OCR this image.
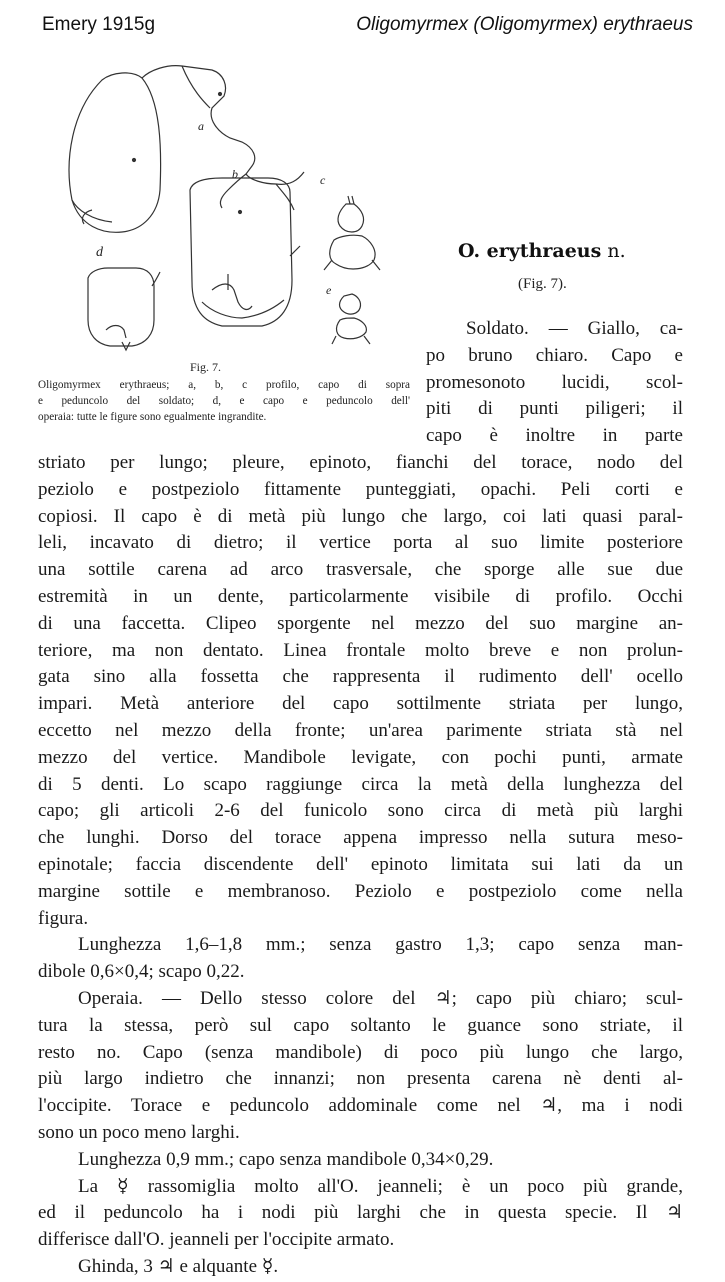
Emery 1915g	Oligomyrmex (Oligomyrmex) erythraeus
a
b	c
e
d
Fig. 7.
Oligomyrmex erythraeus; a, b, c profilo, capo di sopra
e peduncolo del soldato; d, e capo e peduncolo dell'
operaia: tutte le figure sono egualmente ingrandite.
O. erythraeus n.
(Fig. 7).
Soldato. — Giallo, ca-
po bruno chiaro. Capo e
promesonoto lucidi, scol-
piti di punti piligeri; il
capo è inoltre in parte
striato per lungo; pleure, epinoto, fianchi del torace, nodo del
peziolo e postpeziolo fittamente punteggiati, opachi. Peli corti e
copiosi. Il capo è di metà più lungo che largo, coi lati quasi paral-
leli, incavato di dietro; il vertice porta al suo limite posteriore
una sottile carena ad arco trasversale, che sporge alle sue due
estremità in un dente, particolarmente visibile di profilo. Occhi
di una faccetta. Clipeo sporgente nel mezzo del suo margine an-
teriore, ma non dentato. Linea frontale molto breve e non prolun-
gata sino alla fossetta che rappresenta il rudimento dell' ocello
impari. Metà anteriore del capo sottilmente striata per lungo,
eccetto nel mezzo della fronte; un'area parimente striata stà nel
mezzo del vertice. Mandibole levigate, con pochi punti, armate
di 5 denti. Lo scapo raggiunge circa la metà della lunghezza del
capo; gli articoli 2-6 del funicolo sono circa di metà più larghi
che lunghi. Dorso del torace appena impresso nella sutura meso-
epinotale; faccia discendente dell' epinoto limitata sui lati da un
margine sottile e membranoso. Peziolo e postpeziolo come nella
figura.
Lunghezza 1,6–1,8 mm.; senza gastro 1,3; capo senza man-
dibole 0,6×0,4; scapo 0,22.
Operaia. — Dello stesso colore del ♃; capo più chiaro; scul-
tura la stessa, però sul capo soltanto le guance sono striate, il
resto no. Capo (senza mandibole) di poco più lungo che largo,
più largo indietro che innanzi; non presenta carena nè denti al-
l'occipite. Torace e peduncolo addominale come nel ♃, ma i nodi
sono un poco meno larghi.
Lunghezza 0,9 mm.; capo senza mandibole 0,34×0,29.
La ☿ rassomiglia molto all'O. jeanneli; è un poco più grande,
ed il peduncolo ha i nodi più larghi che in questa specie. Il ♃
differisce dall'O. jeanneli per l'occipite armato.
Ghinda, 3 ♃ e alquante ☿.
